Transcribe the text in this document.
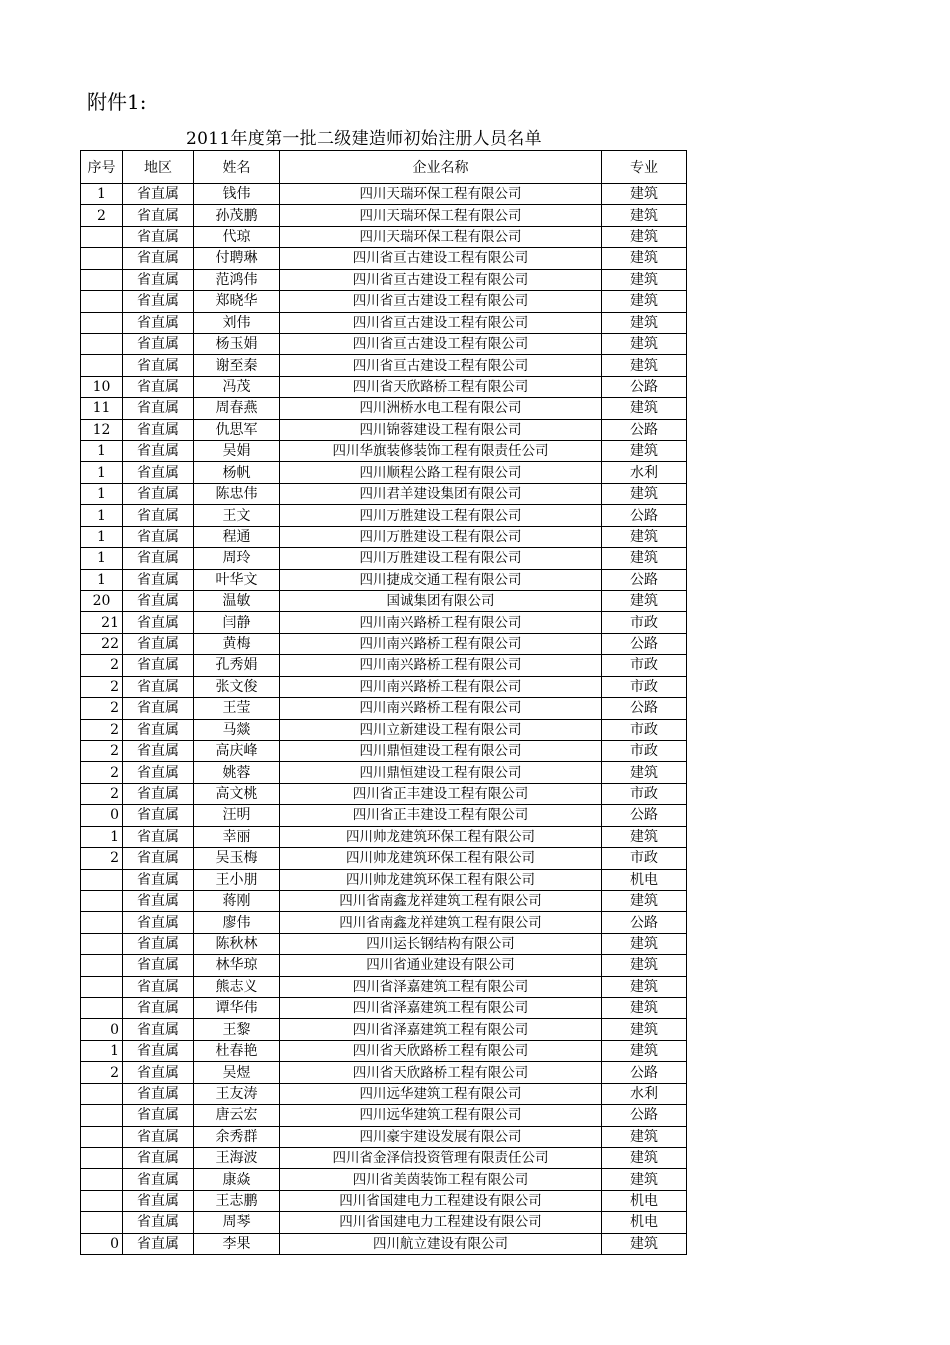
附件1:
2011年度第一批二级建造师初始注册人员名单
序号	地区	姓名	企业名称	专业
1	省直属	钱伟	四川天瑞环保工程有限公司	建筑
2	省直属	孙茂鹏	四川天瑞环保工程有限公司	建筑
	省直属	代琼	四川天瑞环保工程有限公司	建筑
	省直属	付聘琳	四川省亘古建设工程有限公司	建筑
	省直属	范鸿伟	四川省亘古建设工程有限公司	建筑
	省直属	郑晓华	四川省亘古建设工程有限公司	建筑
	省直属	刘伟	四川省亘古建设工程有限公司	建筑
	省直属	杨玉娟	四川省亘古建设工程有限公司	建筑
	省直属	谢至秦	四川省亘古建设工程有限公司	建筑
10	省直属	冯茂	四川省天欣路桥工程有限公司	公路
11	省直属	周春燕	四川洲桥水电工程有限公司	建筑
12	省直属	仇思军	四川锦蓉建设工程有限公司	公路
1	省直属	吴娟	四川华旗装修装饰工程有限责任公司	建筑
1	省直属	杨帆	四川顺程公路工程有限公司	水利
1	省直属	陈忠伟	四川君羊建设集团有限公司	建筑
1	省直属	王文	四川万胜建设工程有限公司	公路
1	省直属	程通	四川万胜建设工程有限公司	建筑
1	省直属	周玲	四川万胜建设工程有限公司	建筑
1	省直属	叶华文	四川捷成交通工程有限公司	公路
20	省直属	温敏	国诚集团有限公司	建筑
21	省直属	闫静	四川南兴路桥工程有限公司	市政
22	省直属	黄梅	四川南兴路桥工程有限公司	公路
2	省直属	孔秀娟	四川南兴路桥工程有限公司	市政
2	省直属	张文俊	四川南兴路桥工程有限公司	市政
2	省直属	王莹	四川南兴路桥工程有限公司	公路
2	省直属	马燚	四川立新建设工程有限公司	市政
2	省直属	高庆峰	四川鼎恒建设工程有限公司	市政
2	省直属	姚蓉	四川鼎恒建设工程有限公司	建筑
2	省直属	高文桃	四川省正丰建设工程有限公司	市政
0	省直属	汪明	四川省正丰建设工程有限公司	公路
1	省直属	幸丽	四川帅龙建筑环保工程有限公司	建筑
2	省直属	吴玉梅	四川帅龙建筑环保工程有限公司	市政
	省直属	王小朋	四川帅龙建筑环保工程有限公司	机电
	省直属	蒋刚	四川省南鑫龙祥建筑工程有限公司	建筑
	省直属	廖伟	四川省南鑫龙祥建筑工程有限公司	公路
	省直属	陈秋林	四川运长钢结构有限公司	建筑
	省直属	林华琼	四川省通业建设有限公司	建筑
	省直属	熊志义	四川省泽嘉建筑工程有限公司	建筑
	省直属	谭华伟	四川省泽嘉建筑工程有限公司	建筑
0	省直属	王黎	四川省泽嘉建筑工程有限公司	建筑
1	省直属	杜春艳	四川省天欣路桥工程有限公司	建筑
2	省直属	吴煜	四川省天欣路桥工程有限公司	公路
	省直属	王友涛	四川远华建筑工程有限公司	水利
	省直属	唐云宏	四川远华建筑工程有限公司	公路
	省直属	余秀群	四川豪宇建设发展有限公司	建筑
	省直属	王海波	四川省金泽信投资管理有限责任公司	建筑
	省直属	康焱	四川省美茵装饰工程有限公司	建筑
	省直属	王志鹏	四川省国建电力工程建设有限公司	机电
	省直属	周琴	四川省国建电力工程建设有限公司	机电
0	省直属	李果	四川航立建设有限公司	建筑
